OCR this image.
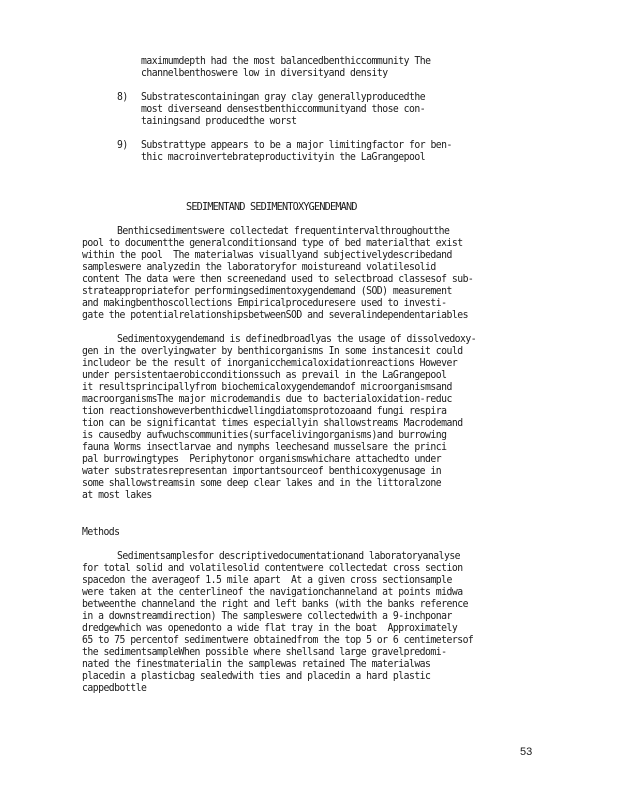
maximumdepth had the most balancedbenthiccommunity The
channelbenthoswere low in diversityand density
8) Substratescontainingan gray clay generallyproducedthe
most diverseand densestbenthiccommunityand those con-
tainingsand producedthe worst
9) Substrattype appears to be a major limitingfactor for ben-
thic macroinvertebrateproductivityin the LaGrangepool
SEDIMENTAND SEDIMENTOXYGENDEMAND
Benthicsedimentswere collectedat frequentintervalthroughoutthe
pool to documentthe generalconditionsand type of bed materialthat exist
within the pool  The materialwas visuallyand subjectivelydescribedand
sampleswere analyzedin the laboratoryfor moistureand volatilesolid
content The data were then screenedand used to selectbroad classesof sub-
strateappropriatefor performingsedimentoxygendemand (SOD) measurement
and makingbenthoscollections Empiricalproceduresere used to investi-
gate the potentialrelationshipsbetweenSOD and severalindependentariables
Sedimentoxygendemand is definedbroadlyas the usage of dissolvedoxy-
gen in the overlyingwater by benthicorganisms In some instancesit could
includeor be the result of inorganicchemicaloxidationreactions However
under persistentaerobicconditionssuch as prevail in the LaGrangepool
it resultsprincipallyfrom biochemicaloxygendemandof microorganismsand
macroorganismsThe major microdemandis due to bacterialoxidation-reduc
tion reactionshoweverbenthicdwellingdiatomsprotozoaand fungi respira
tion can be significantat times especiallyin shallowstreams Macrodemand
is causedby aufwuchscommunities(surfacelivingorganisms)and burrowing
fauna Worms insectlarvae and nymphs leechesand musselsare the princi
pal burrowingtypes  Periphytonor organismswhichare attachedto under
water substratesrepresentan importantsourceof benthicoxygenusage in
some shallowstreamsin some deep clear lakes and in the littoralzone
at most lakes
Methods
Sedimentsamplesfor descriptivedocumentationand laboratoryanalyse
for total solid and volatilesolid contentwere collectedat cross section
spacedon the averageof 1.5 mile apart  At a given cross sectionsample
were taken at the centerlineof the navigationchanneland at points midwa
betweenthe channeland the right and left banks (with the banks reference
in a downstreamdirection) The sampleswere collectedwith a 9-inchponar
dredgewhich was openedonto a wide flat tray in the boat  Approximately
65 to 75 percentof sedimentwere obtainedfrom the top 5 or 6 centimetersof
the sedimentsampleWhen possible where shellsand large gravelpredomi-
nated the finestmaterialin the samplewas retained The materialwas
placedin a plasticbag sealedwith ties and placedin a hard plastic
cappedbottle
53
